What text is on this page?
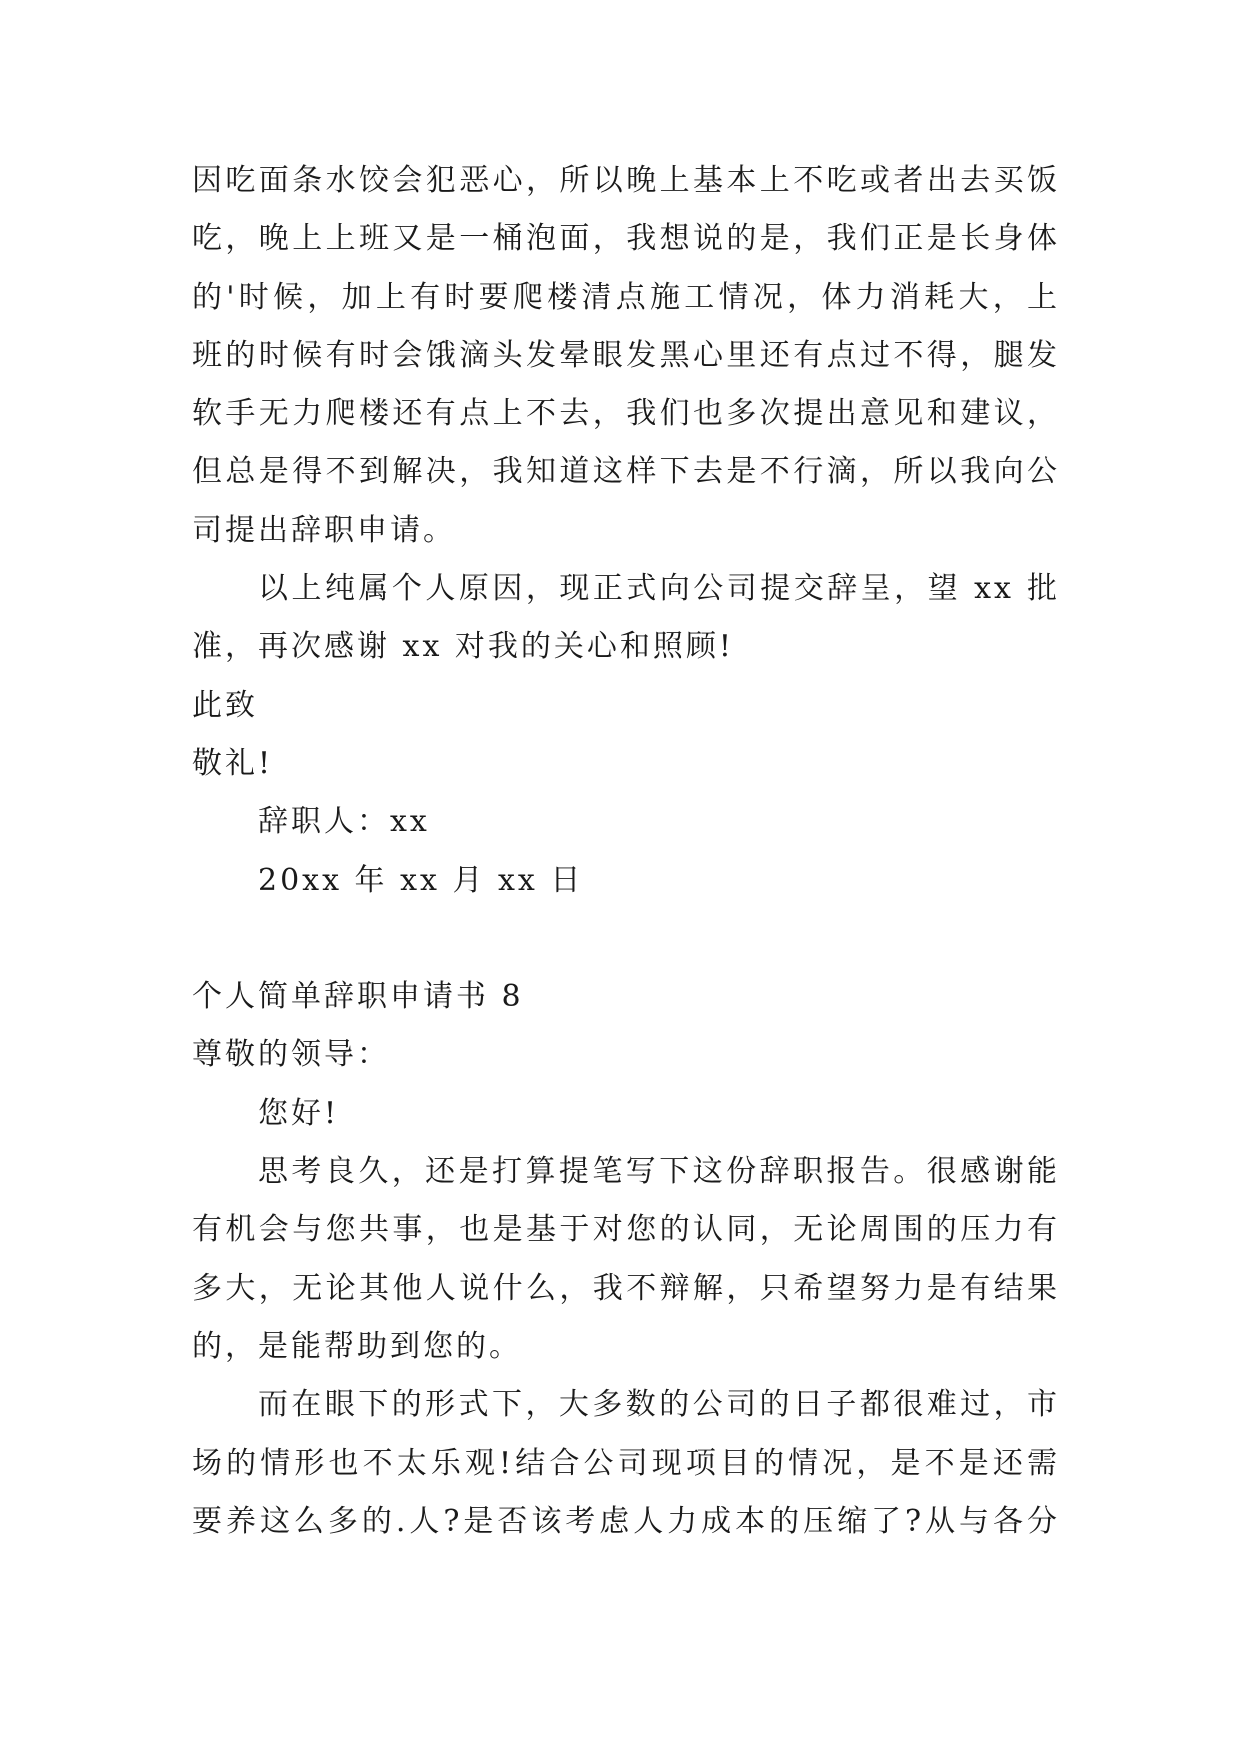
因吃面条水饺会犯恶心，所以晚上基本上不吃或者出去买饭
吃，晚上上班又是一桶泡面，我想说的是，我们正是长身体
的'时候，加上有时要爬楼清点施工情况，体力消耗大，上
班的时候有时会饿滴头发晕眼发黑心里还有点过不得，腿发
软手无力爬楼还有点上不去，我们也多次提出意见和建议，
但总是得不到解决，我知道这样下去是不行滴，所以我向公
司提出辞职申请。
以上纯属个人原因，现正式向公司提交辞呈，望 xx 批
准，再次感谢 xx 对我的关心和照顾!
此致
敬礼!
辞职人：xx
20xx 年 xx 月 xx 日
个人简单辞职申请书 8
尊敬的领导：
您好!
思考良久，还是打算提笔写下这份辞职报告。很感谢能
有机会与您共事，也是基于对您的认同，无论周围的压力有
多大，无论其他人说什么，我不辩解，只希望努力是有结果
的，是能帮助到您的。
而在眼下的形式下，大多数的公司的日子都很难过，市
场的情形也不太乐观!结合公司现项目的情况，是不是还需
要养这么多的.人?是否该考虑人力成本的压缩了?从与各分
